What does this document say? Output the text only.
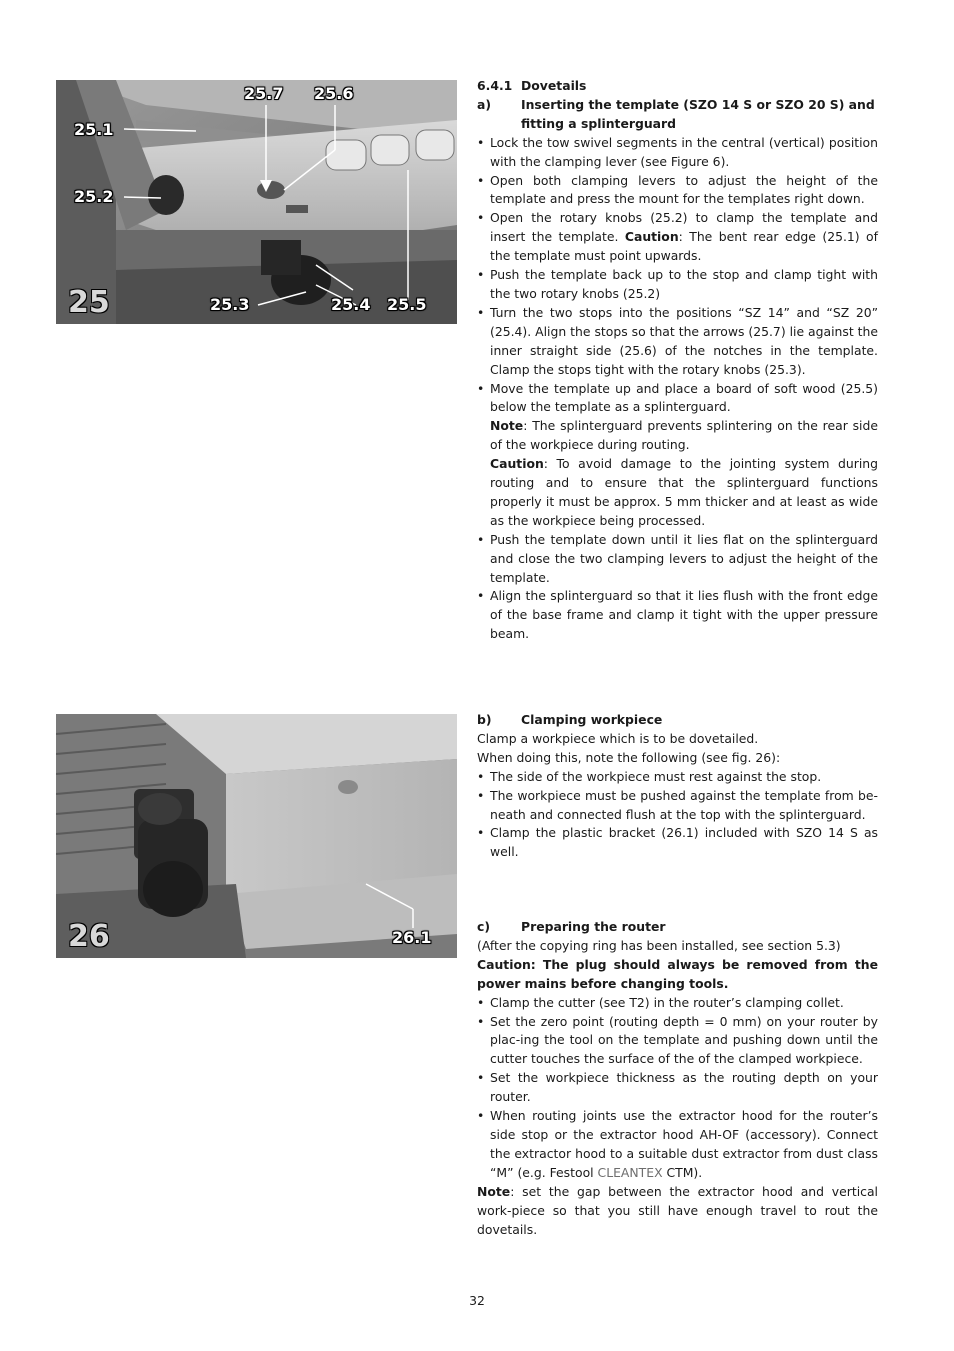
25.1
25.2
25.7 25.6
25.3	25.4 25.5
25
26.1
26
6.4.1 Dovetails
a)	Inserting the template (SZO 14 S or SZO 20 S) and fitting a splinterguard
• Lock the tow swivel segments in the central (vertical) position with the clamping lever (see Figure 6).
• Open both clamping levers to adjust the height of the template and press the mount for the templates right down.
• Open the rotary knobs (25.2) to clamp the template and insert the template. Caution: The bent rear edge (25.1) of the template must point upwards.
• Push the template back up to the stop and clamp tight with the two rotary knobs (25.2)
• Turn the two stops into the positions “SZ 14” and “SZ 20” (25.4). Align the stops so that the arrows (25.7) lie against the inner straight side (25.6) of the notches in the template. Clamp the stops tight with the rotary knobs (25.3).
• Move the template up and place a board of soft wood (25.5) below the template as a splinterguard.
Note: The splinterguard prevents splintering on the rear side of the workpiece during routing.
Caution: To avoid damage to the jointing system during routing and to ensure that the splinterguard functions properly it must be approx. 5 mm thicker and at least as wide as the workpiece being processed.
• Push the template down until it lies flat on the splinterguard and close the two clamping levers to adjust the height of the template.
• Align the splinterguard so that it lies flush with the front edge of the base frame and clamp it tight with the upper pressure beam.
b)	Clamping workpiece
Clamp a workpiece which is to be dovetailed.
When doing this, note the following (see fig. 26):
• The side of the workpiece must rest against the stop.
• The workpiece must be pushed against the template from be-neath and connected flush at the top with the splinterguard.
• Clamp the plastic bracket (26.1) included with SZO 14 S as well.
c)	Preparing the router
(After the copying ring has been installed, see section 5.3)
Caution: The plug should always be removed from the power mains before changing tools.
• Clamp the cutter (see T2) in the router’s clamping collet.
• Set the zero point (routing depth = 0 mm) on your router by plac-ing the tool on the template and pushing down until the cutter touches the surface of the of the clamped workpiece.
• Set the workpiece thickness as the routing depth on your router.
• When routing joints use the extractor hood for the router’s side stop or the extractor hood AH-OF (accessory). Connect the extractor hood to a suitable dust extractor from dust class “M” (e.g. Festool CLEANTEX CTM).
Note: set the gap between the extractor hood and vertical work-piece so that you still have enough travel to rout the dovetails.
32
